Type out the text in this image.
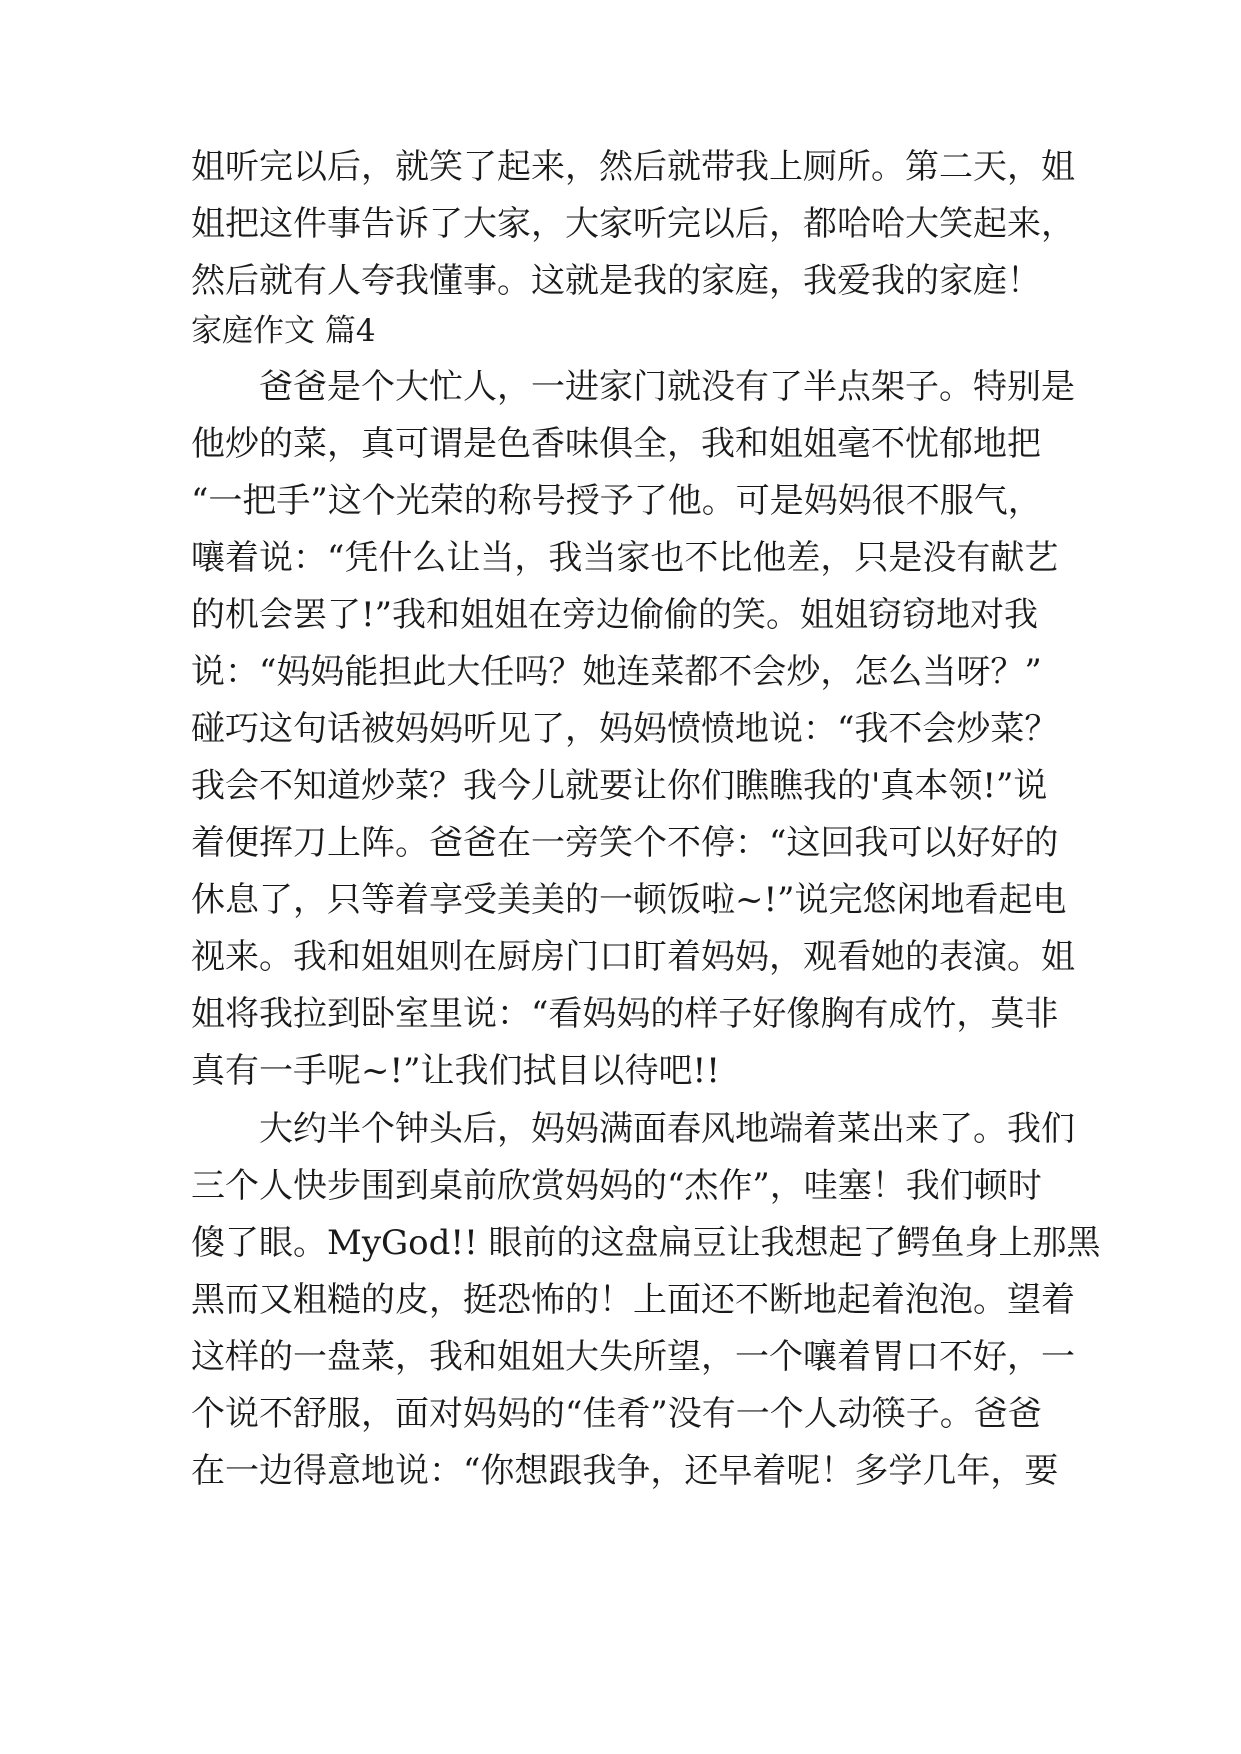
姐听完以后，就笑了起来，然后就带我上厕所。第二天，姐
姐把这件事告诉了大家，大家听完以后，都哈哈大笑起来，
然后就有人夸我懂事。这就是我的家庭，我爱我的家庭！
家庭作文 篇4
　　爸爸是个大忙人，一进家门就没有了半点架子。特别是
他炒的菜，真可谓是色香味俱全，我和姐姐毫不忧郁地把
“一把手”这个光荣的称号授予了他。可是妈妈很不服气，
嚷着说：“凭什么让当，我当家也不比他差，只是没有献艺
的机会罢了!”我和姐姐在旁边偷偷的笑。姐姐窃窃地对我
说：“妈妈能担此大任吗？她连菜都不会炒，怎么当呀？”
碰巧这句话被妈妈听见了，妈妈愤愤地说：“我不会炒菜？
我会不知道炒菜？我今儿就要让你们瞧瞧我的'真本领!”说
着便挥刀上阵。爸爸在一旁笑个不停：“这回我可以好好的
休息了，只等着享受美美的一顿饭啦~!”说完悠闲地看起电
视来。我和姐姐则在厨房门口盯着妈妈，观看她的表演。姐
姐将我拉到卧室里说：“看妈妈的样子好像胸有成竹，莫非
真有一手呢~!”让我们拭目以待吧!!
　　大约半个钟头后，妈妈满面春风地端着菜出来了。我们
三个人快步围到桌前欣赏妈妈的“杰作”，哇塞！我们顿时
傻了眼。MyGod!! 眼前的这盘扁豆让我想起了鳄鱼身上那黑
黑而又粗糙的皮，挺恐怖的！上面还不断地起着泡泡。望着
这样的一盘菜，我和姐姐大失所望，一个嚷着胃口不好，一
个说不舒服，面对妈妈的“佳肴”没有一个人动筷子。爸爸
在一边得意地说：“你想跟我争，还早着呢！多学几年，要
